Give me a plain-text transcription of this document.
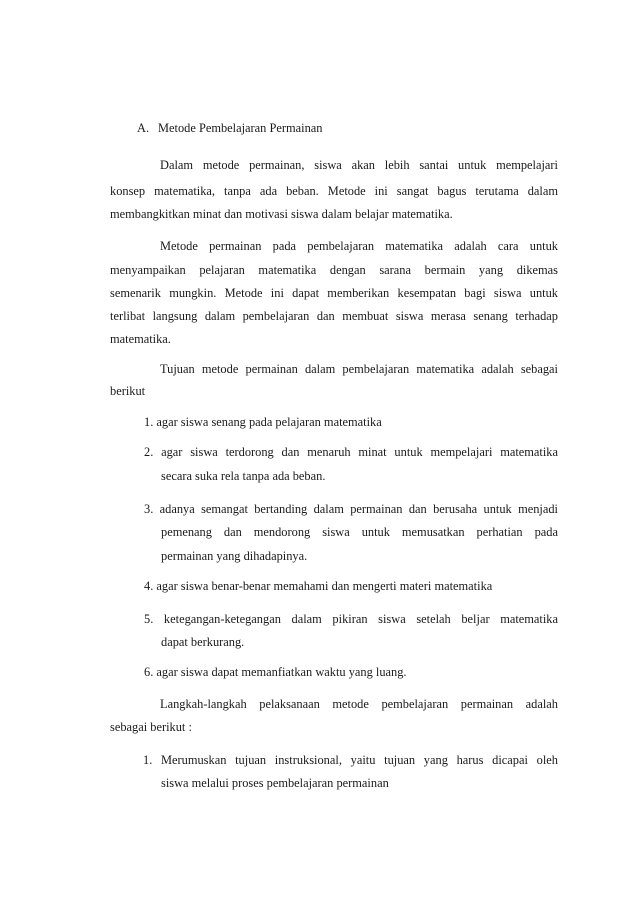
A. Metode Pembelajaran Permainan
Dalam metode permainan, siswa akan lebih santai untuk mempelajari
konsep matematika, tanpa ada beban. Metode ini sangat bagus terutama dalam
membangkitkan minat dan motivasi siswa dalam belajar matematika.
Metode permainan pada pembelajaran matematika adalah cara untuk
menyampaikan pelajaran matematika dengan sarana bermain yang dikemas
semenarik mungkin. Metode ini dapat memberikan kesempatan bagi siswa untuk
terlibat langsung dalam pembelajaran dan membuat siswa merasa senang terhadap
matematika.
Tujuan metode permainan dalam pembelajaran matematika adalah sebagai
berikut
1. agar siswa senang pada pelajaran matematika
2. agar siswa terdorong dan menaruh minat untuk mempelajari matematika
secara suka rela tanpa ada beban.
3. adanya semangat bertanding dalam permainan dan berusaha untuk menjadi
pemenang dan mendorong siswa untuk memusatkan perhatian pada
permainan yang dihadapinya.
4. agar siswa benar-benar memahami dan mengerti materi matematika
5. ketegangan-ketegangan dalam pikiran siswa setelah beljar matematika
dapat berkurang.
6. agar siswa dapat memanfiatkan waktu yang luang.
Langkah-langkah pelaksanaan metode pembelajaran permainan adalah
sebagai berikut :
1. Merumuskan tujuan instruksional, yaitu tujuan yang harus dicapai oleh
siswa melalui proses pembelajaran permainan
